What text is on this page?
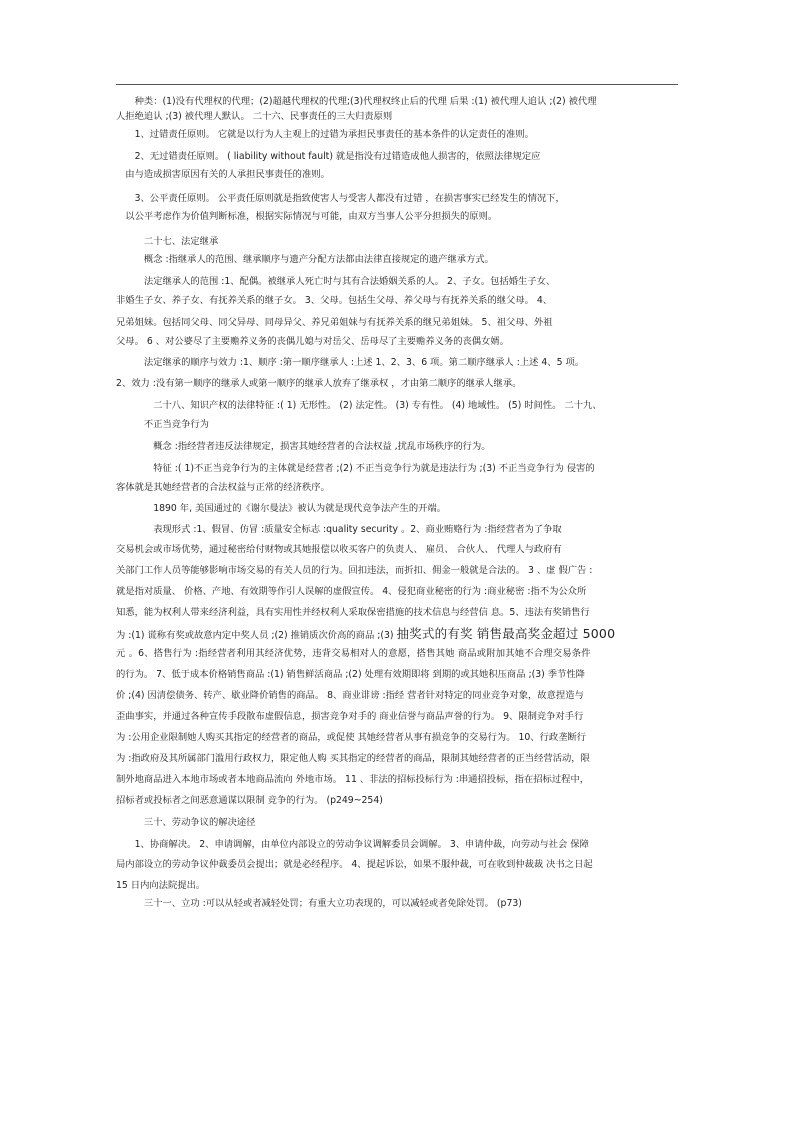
　　种类：(1)没有代理权的代理；(2)超越代理权的代理;(3)代理权终止后的代理 后果 :(1) 被代理人追认 ;(2) 被代理
人拒绝追认 ;(3) 被代理人默认。 二十六、民事责任的三大归责原则
　　1、过错责任原则。 它就是以行为人主观上的过错为承担民事责任的基本条件的认定责任的准则。
　　2、无过错责任原则。 ( liability without fault) 就是指没有过错造成他人损害的，依照法律规定应
　由与造成损害原因有关的人承担民事责任的准则。
　　3、公平责任原则。 公平责任原则就是指致使害人与受害人都没有过错 ，在损害事实已经发生的情况下，
　以公平考虑作为价值判断标准，根据实际情况与可能，由双方当事人公平分担损失的原则。
　　　二十七、法定继承
　　　概念 :指继承人的范围、继承顺序与遗产分配方法都由法律直接规定的遗产继承方式。
　　　法定继承人的范围 :1、配偶。被继承人死亡时与其有合法婚姻关系的人。 2、子女。包括婚生子女、
非婚生子女、养子女、有抚养关系的继子女。 3、父母。包括生父母、养父母与有抚养关系的继父母。 4、
兄弟姐妹。包括同父母、同父异母、同母异父、养兄弟姐妹与有抚养关系的继兄弟姐妹。 5、祖父母、外祖
父母。 6 、对公婆尽了主要赡养义务的丧偶儿媳与对岳父、岳母尽了主要赡养义务的丧偶女婿。
　　　法定继承的顺序与效力 :1、顺序 :第一顺序继承人 :上述 1、2、3、6 项。第二顺序继承人 :上述 4、5 项。
2、效力 :没有第一顺序的继承人或第一顺序的继承人放弃了继承权 ，才由第二顺序的继承人继承。
　　　　二十八、知识产权的法律特征 :( 1) 无形性。 (2) 法定性。 (3) 专有性。 (4) 地域性。 (5) 时间性。 二十九、
　　　不正当竞争行为
　　　　概念 :指经营者违反法律规定，损害其她经营者的合法权益 ,扰乱市场秩序的行为。
　　　　特征 :( 1)不正当竞争行为的主体就是经营者 ;(2) 不正当竞争行为就是违法行为 ;(3) 不正当竞争行为 侵害的
客体就是其她经营者的合法权益与正常的经济秩序。
　　　　1890 年, 美国通过的《谢尔曼法》被认为就是现代竞争法产生的开端。
　　　　表现形式 :1、假冒、仿冒 :质量安全标志 :quality security 。2、商业贿赂行为 :指经营者为了争取
交易机会或市场优势，通过秘密给付财物或其她报偿以收买客户的负责人、 雇员、 合伙人、 代理人与政府有
关部门工作人员等能够影响市场交易的有关人员的行为。回扣违法，而折扣、佣金一般就是合法的。 3 、虚 假广告 :
就是指对质量、 价格、产地、有效期等作引人误解的虚假宣传。 4、侵犯商业秘密的行为 :商业秘密 :指不为公众所
知悉，能为权利人带来经济利益，具有实用性并经权利人采取保密措施的技术信息与经营信 息。5、违法有奖销售行
为 :(1) 谎称有奖或故意内定中奖人员 ;(2) 推销质次价高的商品 ;(3) 抽奖式的有奖 销售最高奖金超过 5000
元 。6、搭售行为 :指经营者利用其经济优势，违背交易相对人的意愿，搭售其她 商品或附加其她不合理交易条件
的行为。 7、低于成本价格销售商品 :(1) 销售鲜活商品 ;(2) 处理有效期即将 到期的或其她积压商品 ;(3) 季节性降
价 ;(4) 因清偿债务、转产、歇业降价销售的商品。 8、商业诽谤 :指经 营者针对特定的同业竞争对象，故意捏造与
歪曲事实，并通过各种宣传手段散布虚假信息，损害竞争对手的 商业信誉与商品声誉的行为。 9、限制竞争对手行
为 :公用企业限制她人购买其指定的经营者的商品，或促使 其她经营者从事有损竞争的交易行为。 10、行政垄断行
为 :指政府及其所属部门滥用行政权力，限定他人购 买其指定的经营者的商品，限制其她经营者的正当经营活动，限
制外地商品进入本地市场或者本地商品流向 外地市场。 11 、非法的招标投标行为 :串通招投标，指在招标过程中，
招标者或投标者之间恶意通谋以限制 竞争的行为。 (p249~254)
　　　三十、劳动争议的解决途径
　　1、协商解决。 2、申请调解，由单位内部设立的劳动争议调解委员会调解。 3、申请仲裁，向劳动与社会 保障
局内部设立的劳动争议仲裁委员会提出；就是必经程序。 4、提起诉讼，如果不服仲裁，可在收到仲裁裁 决书之日起
15 日内向法院提出。
　　　三十一、立功 :可以从轻或者减轻处罚；有重大立功表现的，可以减轻或者免除处罚。 (p73)
